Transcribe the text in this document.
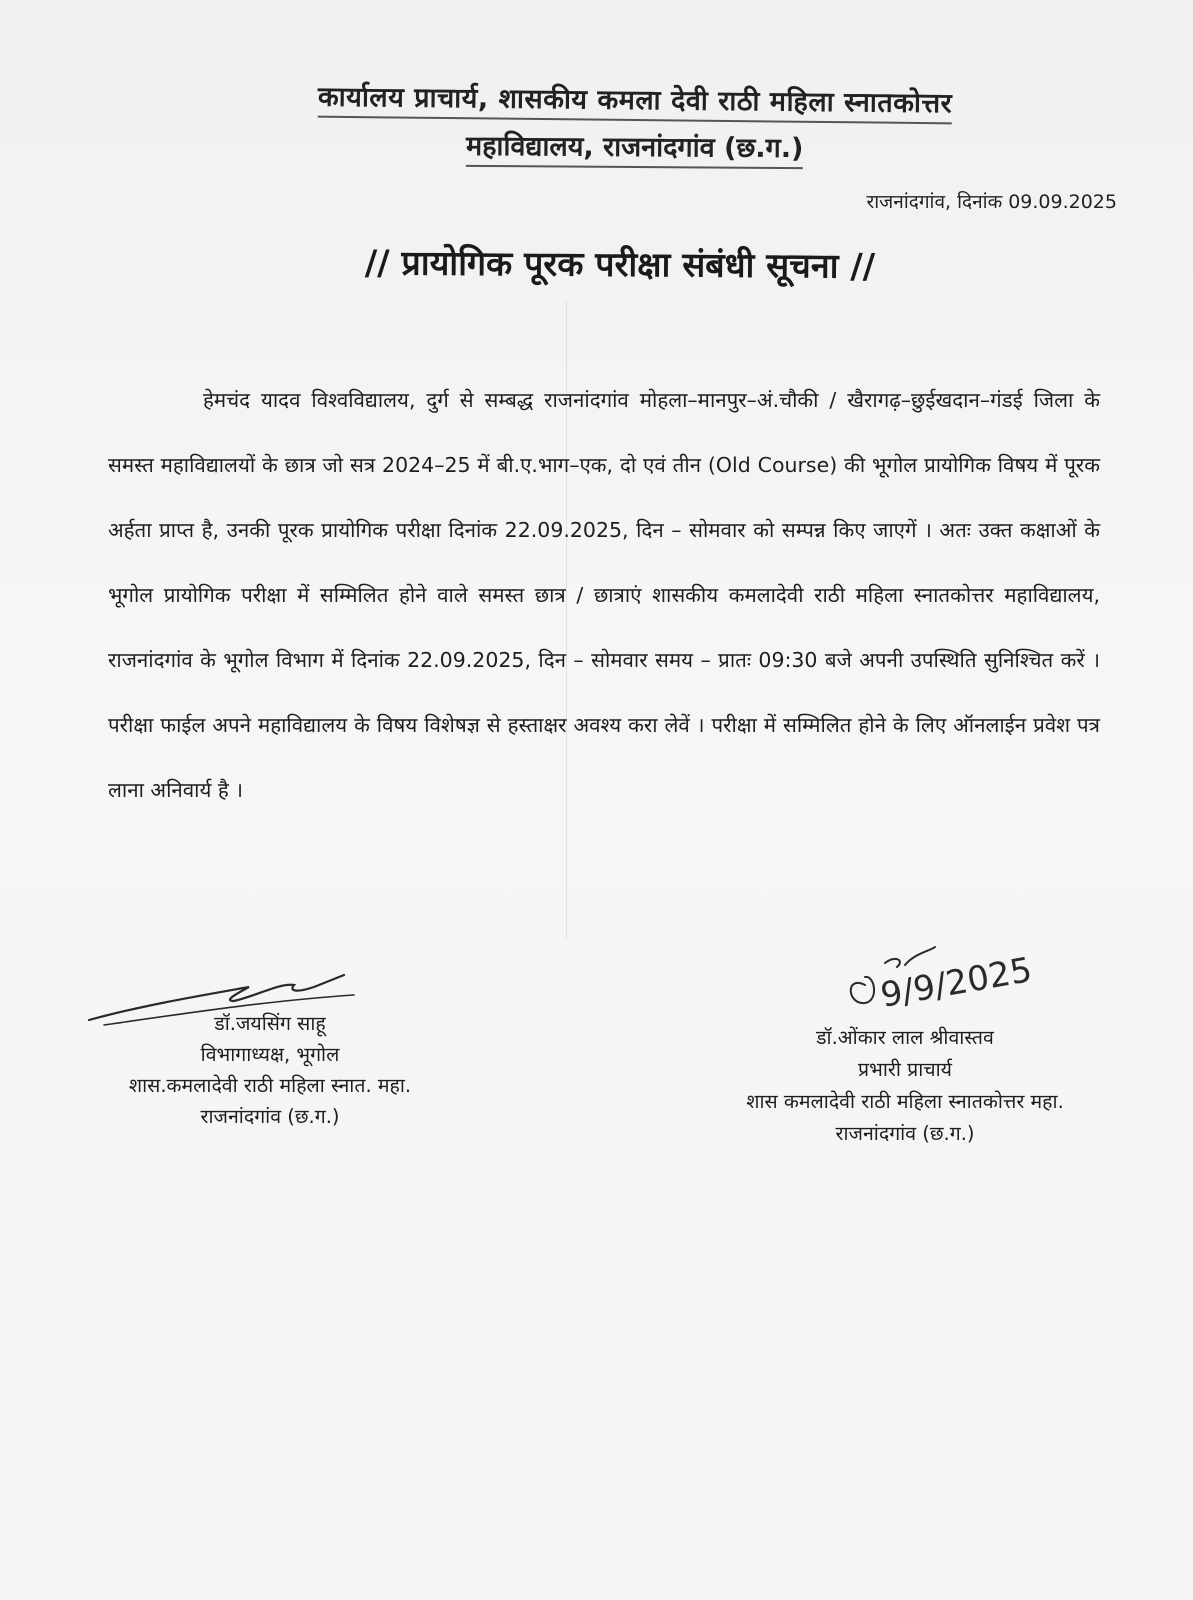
कार्यालय प्राचार्य, शासकीय कमला देवी राठी महिला स्नातकोत्तर
महाविद्यालय, राजनांदगांव (छ.ग.)
राजनांदगांव, दिनांक 09.09.2025
// प्रायोगिक पूरक परीक्षा संबंधी सूचना //
हेमचंद यादव विश्वविद्यालय, दुर्ग से सम्बद्ध राजनांदगांव मोहला–मानपुर–अं.चौकी / खैरागढ़–छुईखदान–गंडई जिला के समस्त महाविद्यालयों के छात्र जो सत्र 2024–25 में बी.ए.भाग–एक, दो एवं तीन (Old Course) की भूगोल प्रायोगिक विषय में पूरक अर्हता प्राप्त है, उनकी पूरक प्रायोगिक परीक्षा दिनांक 22.09.2025, दिन – सोमवार को सम्पन्न किए जाएगें । अतः उक्त कक्षाओं के भूगोल प्रायोगिक परीक्षा में सम्मिलित होने वाले समस्त छात्र / छात्राएं शासकीय कमलादेवी राठी महिला स्नातकोत्तर महाविद्यालय, राजनांदगांव के भूगोल विभाग में दिनांक 22.09.2025, दिन – सोमवार समय – प्रातः 09:30 बजे अपनी उपस्थिति सुनिश्चित करें । परीक्षा फाईल अपने महाविद्यालय के विषय विशेषज्ञ से हस्ताक्षर अवश्य करा लेवें । परीक्षा में सम्मिलित होने के लिए ऑनलाईन प्रवेश पत्र लाना अनिवार्य है ।
9/9/2025
डॉ.जयसिंग साहू
विभागाध्यक्ष, भूगोल
शास.कमलादेवी राठी महिला स्नात. महा.
राजनांदगांव (छ.ग.)
डॉ.ओंकार लाल श्रीवास्तव
प्रभारी प्राचार्य
शास कमलादेवी राठी महिला स्नातकोत्तर महा.
राजनांदगांव (छ.ग.)
